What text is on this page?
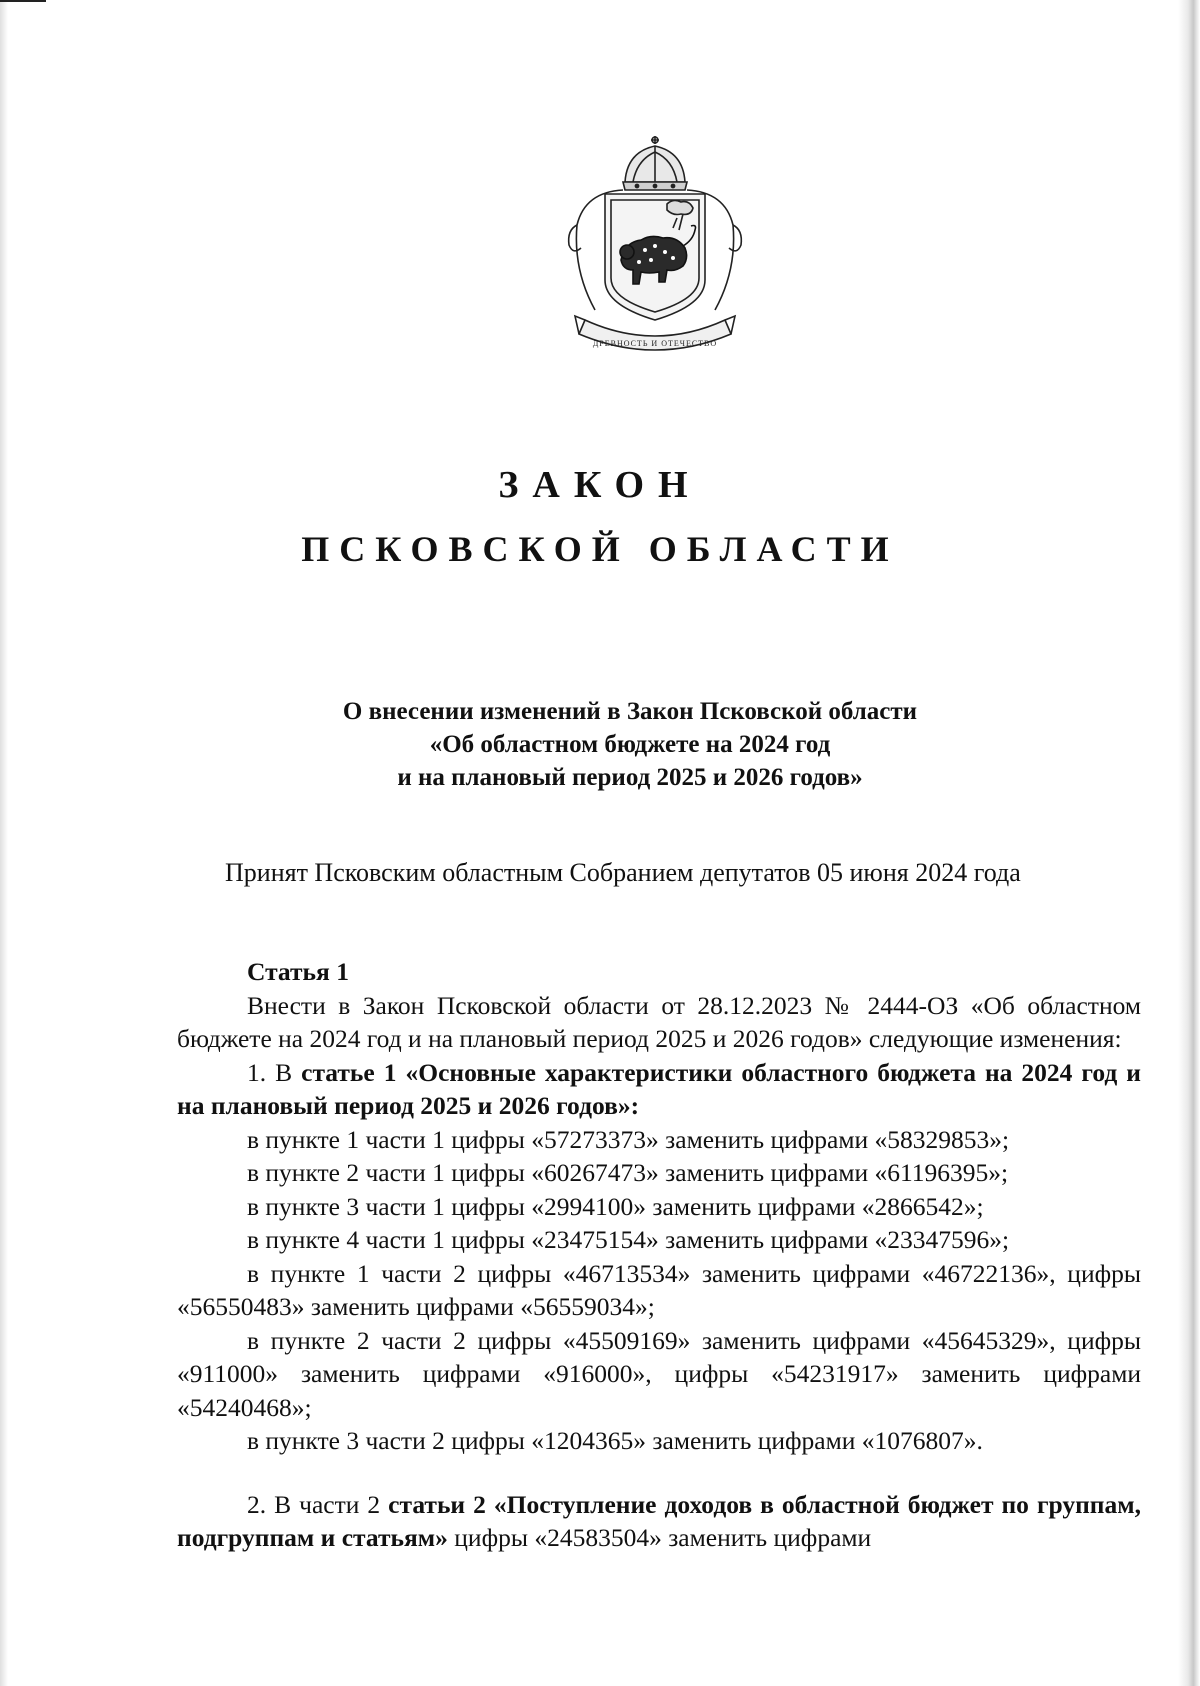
ДРЕВНОСТЬ И ОТЕЧЕСТВО
ЗАКОН
ПСКОВСКОЙ ОБЛАСТИ
О внесении изменений в Закон Псковской области
«Об областном бюджете на 2024 год
и на плановый период 2025 и 2026 годов»
Принят Псковским областным Собранием депутатов 05 июня 2024 года

Статья 1

Внести в Закон Псковской области от 28.12.2023 № 2444-ОЗ «Об областном бюджете на 2024 год и на плановый период 2025 и 2026 годов» следующие изменения:

1. В статье 1 «Основные характеристики областного бюджета на 2024 год и на плановый период 2025 и 2026 годов»:

в пункте 1 части 1 цифры «57273373» заменить цифрами «58329853»;

в пункте 2 части 1 цифры «60267473» заменить цифрами «61196395»;

в пункте 3 части 1 цифры «2994100» заменить цифрами «2866542»;

в пункте 4 части 1 цифры «23475154» заменить цифрами «23347596»;

в пункте 1 части 2 цифры «46713534» заменить цифрами «46722136», цифры «56550483» заменить цифрами «56559034»;

в пункте 2 части 2 цифры «45509169» заменить цифрами «45645329», цифры «911000» заменить цифрами «916000», цифры «54231917» заменить цифрами «54240468»;

в пункте 3 части 2 цифры «1204365» заменить цифрами «1076807».

2. В части 2 статьи 2 «Поступление доходов в областной бюджет по группам, подгруппам и статьям» цифры «24583504» заменить цифрами
